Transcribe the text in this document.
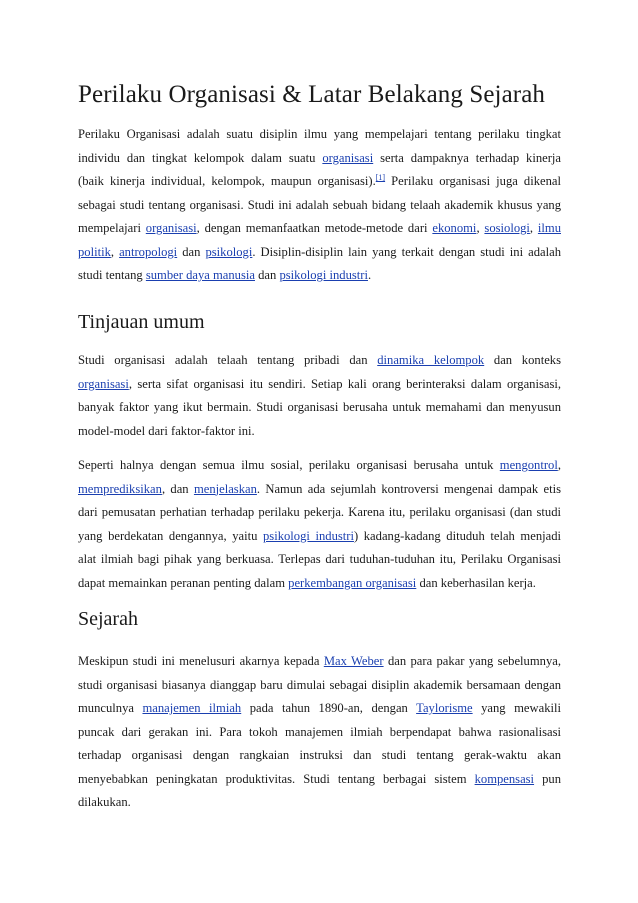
Perilaku Organisasi & Latar Belakang Sejarah

Perilaku Organisasi adalah suatu disiplin ilmu yang mempelajari tentang perilaku tingkat
individu dan tingkat kelompok dalam suatu organisasi serta dampaknya terhadap kinerja
(baik kinerja individual, kelompok, maupun organisasi).[1] Perilaku organisasi juga dikenal
sebagai studi tentang organisasi. Studi ini adalah sebuah bidang telaah akademik khusus yang
mempelajari organisasi, dengan memanfaatkan metode-metode dari ekonomi, sosiologi, ilmu
politik, antropologi dan psikologi. Disiplin-disiplin lain yang terkait dengan studi ini adalah
studi tentang sumber daya manusia dan psikologi industri.

Tinjauan umum

Studi organisasi adalah telaah tentang pribadi dan dinamika kelompok dan konteks
organisasi, serta sifat organisasi itu sendiri. Setiap kali orang berinteraksi dalam organisasi,
banyak faktor yang ikut bermain. Studi organisasi berusaha untuk memahami dan menyusun
model-model dari faktor-faktor ini.

Seperti halnya dengan semua ilmu sosial, perilaku organisasi berusaha untuk mengontrol,
memprediksikan, dan menjelaskan. Namun ada sejumlah kontroversi mengenai dampak etis
dari pemusatan perhatian terhadap perilaku pekerja. Karena itu, perilaku organisasi (dan studi
yang berdekatan dengannya, yaitu psikologi industri) kadang-kadang dituduh telah menjadi
alat ilmiah bagi pihak yang berkuasa. Terlepas dari tuduhan-tuduhan itu, Perilaku Organisasi
dapat memainkan peranan penting dalam perkembangan organisasi dan keberhasilan kerja.

Sejarah

Meskipun studi ini menelusuri akarnya kepada Max Weber dan para pakar yang sebelumnya,
studi organisasi biasanya dianggap baru dimulai sebagai disiplin akademik bersamaan dengan
munculnya manajemen ilmiah pada tahun 1890-an, dengan Taylorisme yang mewakili
puncak dari gerakan ini. Para tokoh manajemen ilmiah berpendapat bahwa rasionalisasi
terhadap organisasi dengan rangkaian instruksi dan studi tentang gerak-waktu akan
menyebabkan peningkatan produktivitas. Studi tentang berbagai sistem kompensasi pun
dilakukan.
